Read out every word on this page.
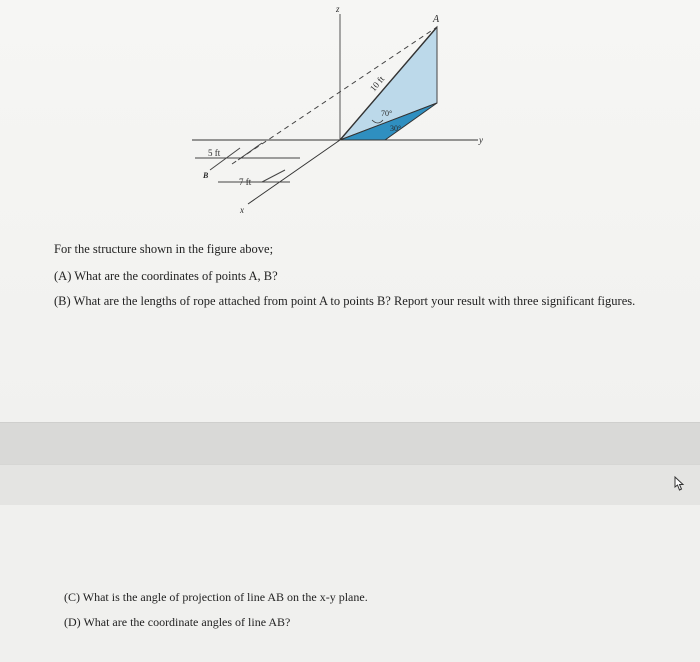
z
y
x
A
B
10 ft
5 ft
7 ft
70°
30°

For the structure shown in the figure above;

(A) What are the coordinates of points A, B?

(B) What are the lengths of rope attached from point A to points B? Report your result with three significant figures.

(C) What is the angle of projection of line AB on the x-y plane.

(D) What are the coordinate angles of line AB?
